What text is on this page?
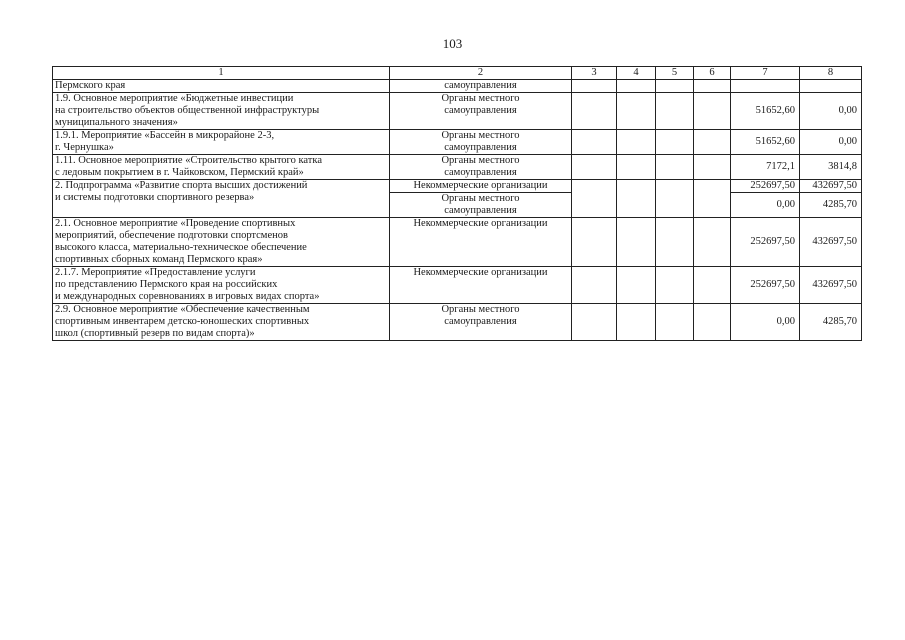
103
1	2	3	4	5	6	7	8

Пермского края	самоуправления						

1.9. Основное мероприятие «Бюджетные инвестиции
на строительство объектов общественной инфраструктуры
муниципального значения»	Органы местного
самоуправления					51652,60	0,00

1.9.1. Мероприятие «Бассейн в микрорайоне 2-3,
г. Чернушка»	Органы местного
самоуправления					51652,60	0,00

1.11. Основное мероприятие «Строительство крытого катка
с ледовым покрытием в г. Чайковском, Пермский край»	Органы местного
самоуправления					7172,1	3814,8

2. Подпрограмма «Развитие спорта высших достижений
и системы подготовки спортивного резерва»	Некоммерческие организации					252697,50	432697,50

	Органы местного
самоуправления					0,00	4285,70

2.1. Основное мероприятие «Проведение спортивных
мероприятий, обеспечение подготовки спортсменов
высокого класса, материально-техническое обеспечение
спортивных сборных команд Пермского края»	Некоммерческие организации					252697,50	432697,50

2.1.7. Мероприятие «Предоставление услуги
по представлению Пермского края на российских
и международных соревнованиях в игровых видах спорта»	Некоммерческие организации					252697,50	432697,50

2.9. Основное мероприятие «Обеспечение качественным
спортивным инвентарем детско-юношеских спортивных
школ (спортивный резерв по видам спорта)»	Органы местного
самоуправления					0,00	4285,70
